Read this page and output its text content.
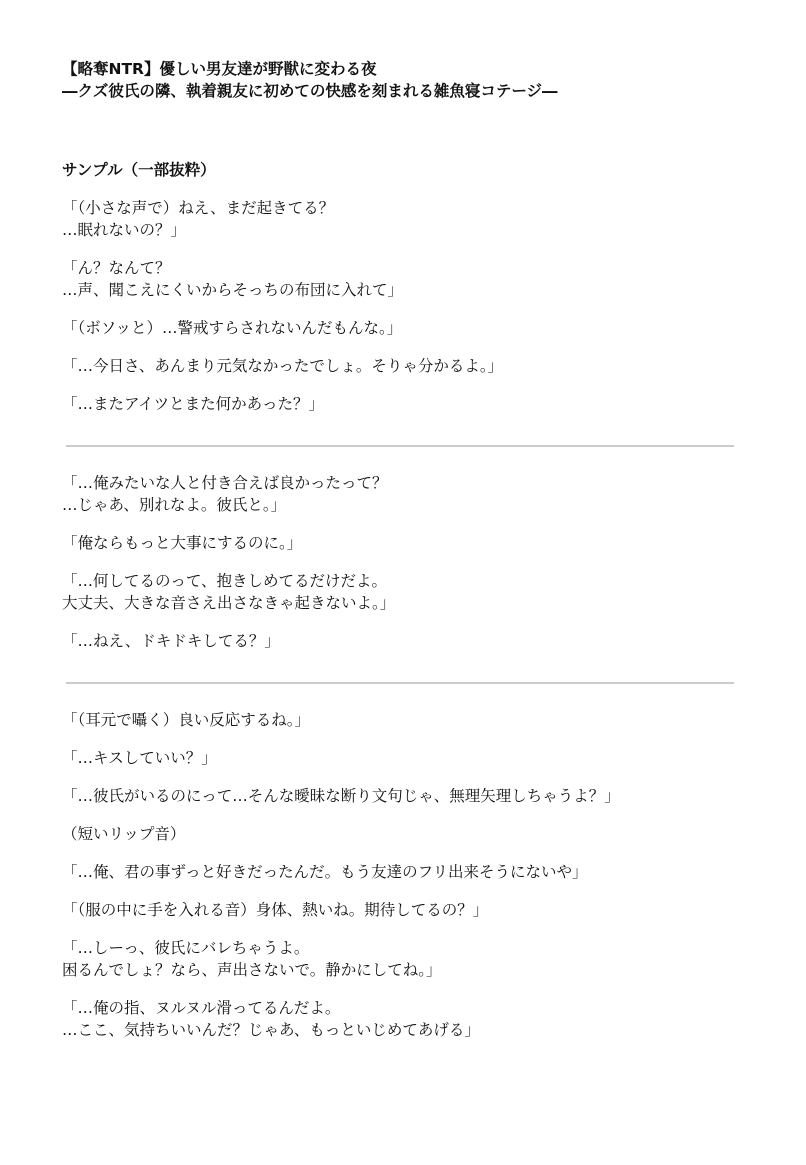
【略奪NTR】優しい男友達が野獣に変わる夜
―クズ彼氏の隣、執着親友に初めての快感を刻まれる雑魚寝コテージ―
サンプル（一部抜粋）
「（小さな声で）ねえ、まだ起きてる？
…眠れないの？」
「ん？なんて？
…声、聞こえにくいからそっちの布団に入れて」
「（ボソッと）…警戒すらされないんだもんな。」
「…今日さ、あんまり元気なかったでしょ。そりゃ分かるよ。」
「…またアイツとまた何かあった？」
「…俺みたいな人と付き合えば良かったって？
…じゃあ、別れなよ。彼氏と。」
「俺ならもっと大事にするのに。」
「…何してるのって、抱きしめてるだけだよ。
大丈夫、大きな音さえ出さなきゃ起きないよ。」
「…ねえ、ドキドキしてる？」
「（耳元で囁く）良い反応するね。」
「…キスしていい？」
「…彼氏がいるのにって…そんな曖昧な断り文句じゃ、無理矢理しちゃうよ？」
（短いリップ音）
「…俺、君の事ずっと好きだったんだ。もう友達のフリ出来そうにないや」
「（服の中に手を入れる音）身体、熱いね。期待してるの？」
「…しーっ、彼氏にバレちゃうよ。
困るんでしょ？なら、声出さないで。静かにしてね。」
「…俺の指、ヌルヌル滑ってるんだよ。
…ここ、気持ちいいんだ？じゃあ、もっといじめてあげる」
